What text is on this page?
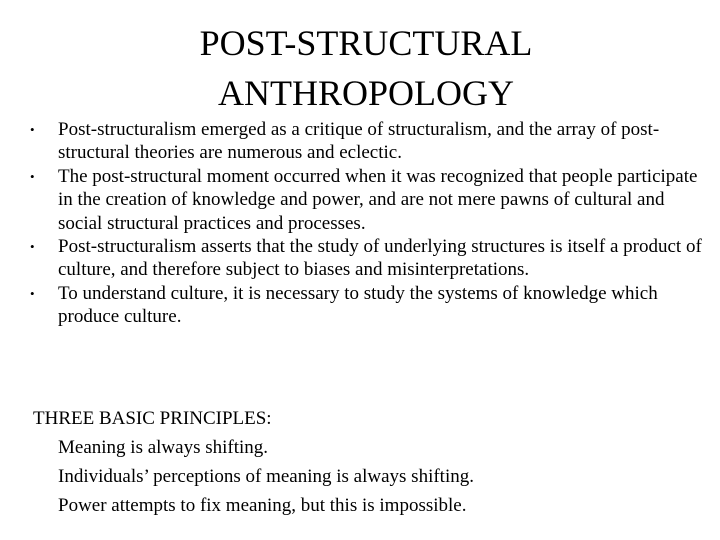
POST-STRUCTURAL
ANTHROPOLOGY
•	Post-structuralism emerged as a critique of structuralism, and the array of post-structural theories are numerous and eclectic.
•	The post-structural moment occurred when it was recognized that people participate in the creation of knowledge and power, and are not mere pawns of cultural and social structural practices and processes.
•	Post-structuralism asserts that the study of underlying structures is itself a product of culture, and therefore subject to biases and misinterpretations.
•	To understand culture, it is necessary to study the systems of knowledge which produce culture.
THREE BASIC PRINCIPLES:
Meaning is always shifting.
Individuals’ perceptions of meaning is always shifting.
Power attempts to fix meaning, but this is impossible.
